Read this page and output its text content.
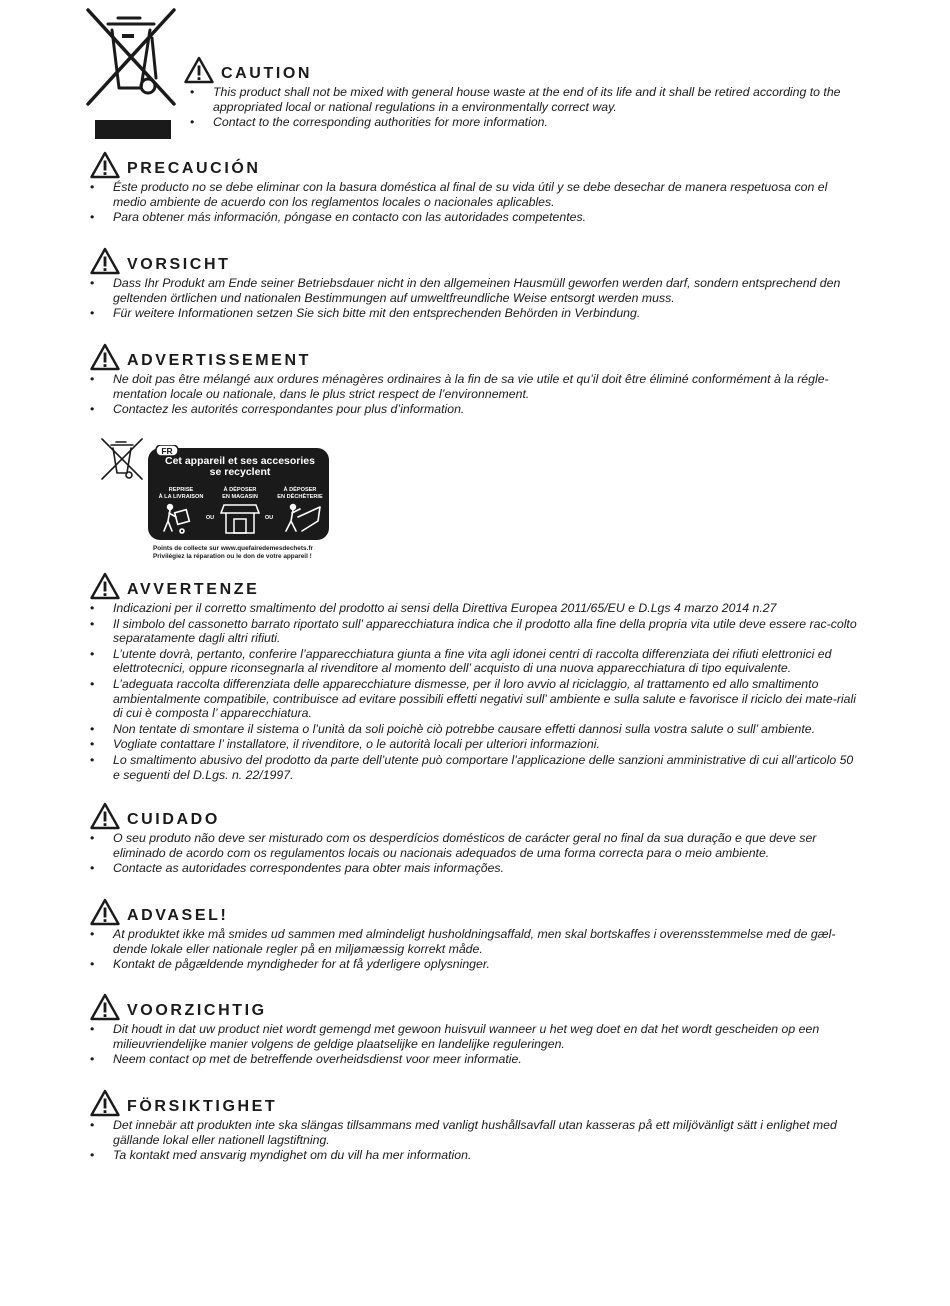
FR
Cet appareil et ses accesories
se recyclent
REPRISE
À LA LIVRAISON
À DÉPOSER
EN MAGASIN
À DÉPOSER
EN DÉCHÈTERIE
OU	OU
Points de collecte sur www.quefairedemesdechets.fr
Privilégiez la réparation ou le don de votre appareil !
CAUTION
• This product shall not be mixed with general house waste at the end of its life and it shall be retired according to the appropriated local or national regulations in a environmentally correct way.
• Contact to the corresponding authorities for more information.
PRECAUCIÓN
• Éste producto no se debe eliminar con la basura doméstica al final de su vida útil y se debe desechar de manera respetuosa con el medio ambiente de acuerdo con los reglamentos locales o nacionales aplicables.
• Para obtener más información, póngase en contacto con las autoridades competentes.
VORSICHT
• Dass Ihr Produkt am Ende seiner Betriebsdauer nicht in den allgemeinen Hausmüll geworfen werden darf, sondern entsprechend den geltenden örtlichen und nationalen Bestimmungen auf umweltfreundliche Weise entsorgt werden muss.
• Für weitere Informationen setzen Sie sich bitte mit den entsprechenden Behörden in Verbindung.
ADVERTISSEMENT
• Ne doit pas être mélangé aux ordures ménagères ordinaires à la fin de sa vie utile et qu’il doit être éliminé conformément à la régle-mentation locale ou nationale, dans le plus strict respect de l’environnement.
• Contactez les autorités correspondantes pour plus d’information.
AVVERTENZE
• Indicazioni per il corretto smaltimento del prodotto ai sensi della Direttiva Europea 2011/65/EU e D.Lgs 4 marzo 2014 n.27
• Il simbolo del cassonetto barrato riportato sull’ apparecchiatura indica che il prodotto alla fine della propria vita utile deve essere rac-colto separatamente dagli altri rifiuti.
• L’utente dovrà, pertanto, conferire l’apparecchiatura giunta a fine vita agli idonei centri di raccolta differenziata dei rifiuti elettronici ed elettrotecnici, oppure riconsegnarla al rivenditore al momento dell’ acquisto di una nuova apparecchiatura di tipo equivalente.
• L’adeguata raccolta differenziata delle apparecchiature dismesse, per il loro avvio al riciclaggio, al trattamento ed allo smaltimento ambientalmente compatibile, contribuisce ad evitare possibili effetti negativi sull’ ambiente e sulla salute e favorisce il riciclo dei mate-riali di cui è composta l’ apparecchiatura.
• Non tentate di smontare il sistema o l’unità da soli poichè ciò potrebbe causare effetti dannosi sulla vostra salute o sull’ ambiente.
• Vogliate contattare l’ installatore, il rivenditore, o le autorità locali per ulteriori informazioni.
• Lo smaltimento abusivo del prodotto da parte dell’utente può comportare l’applicazione delle sanzioni amministrative di cui all’articolo 50 e seguenti del D.Lgs. n. 22/1997.
CUIDADO
• O seu produto não deve ser misturado com os desperdícios domésticos de carácter geral no final da sua duração e que deve ser eliminado de acordo com os regulamentos locais ou nacionais adequados de uma forma correcta para o meio ambiente.
• Contacte as autoridades correspondentes para obter mais informações.
ADVASEL!
• At produktet ikke må smides ud sammen med almindeligt husholdningsaffald, men skal bortskaffes i overensstemmelse med de gæl-dende lokale eller nationale regler på en miljømæssig korrekt måde.
• Kontakt de pågældende myndigheder for at få yderligere oplysninger.
VOORZICHTIG
• Dit houdt in dat uw product niet wordt gemengd met gewoon huisvuil wanneer u het weg doet en dat het wordt gescheiden op een milieuvriendelijke manier volgens de geldige plaatselijke en landelijke reguleringen.
• Neem contact op met de betreffende overheidsdienst voor meer informatie.
FÖRSIKTIGHET
• Det innebär att produkten inte ska slängas tillsammans med vanligt hushållsavfall utan kasseras på ett miljövänligt sätt i enlighet med gällande lokal eller nationell lagstiftning.
• Ta kontakt med ansvarig myndighet om du vill ha mer information.
